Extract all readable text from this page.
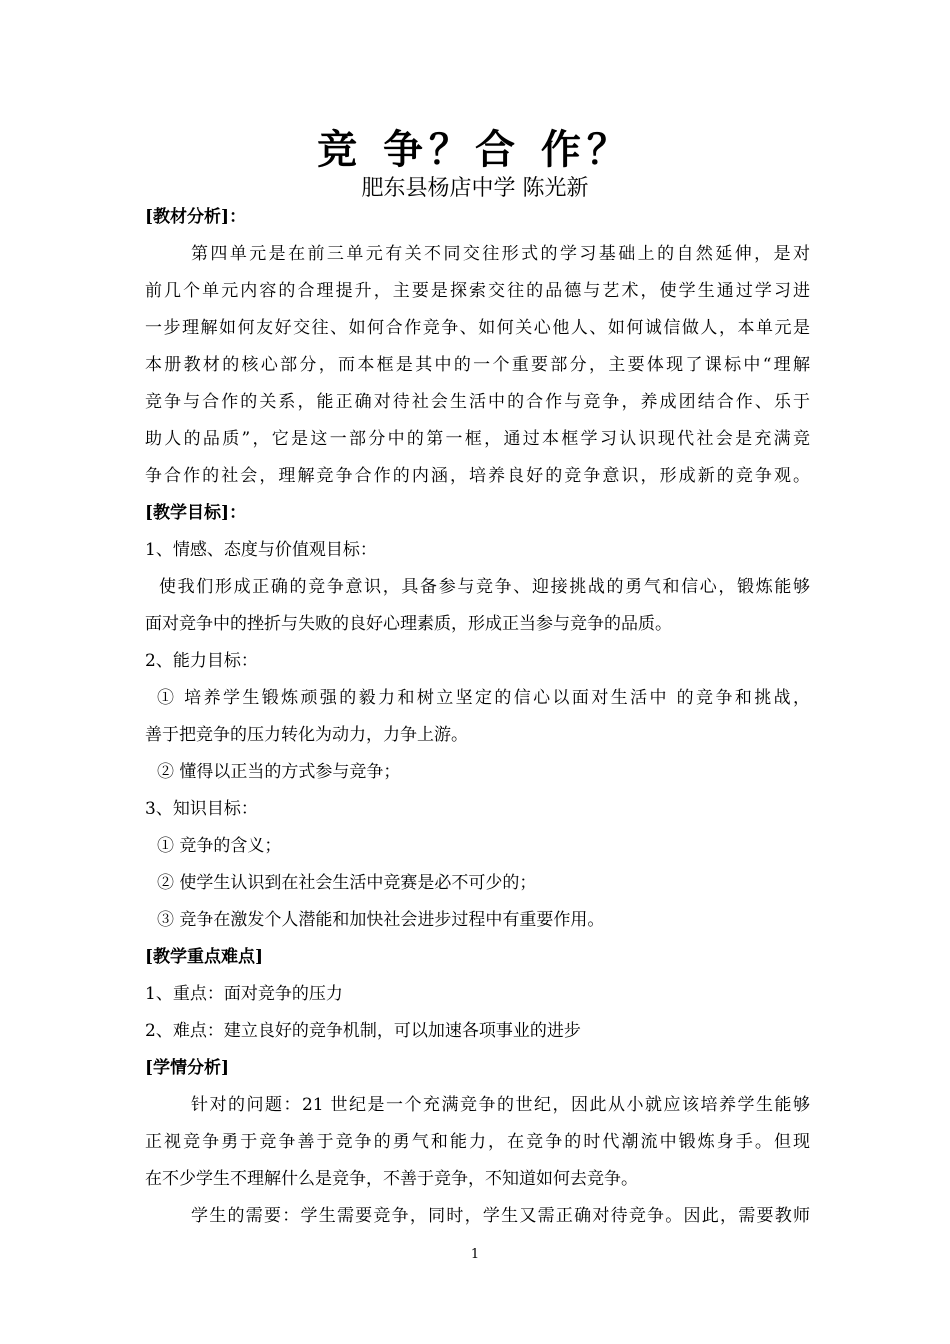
竞 争？合 作？
肥东县杨店中学 陈光新
[教材分析]：
第四单元是在前三单元有关不同交往形式的学习基础上的自然延伸，是对
前几个单元内容的合理提升，主要是探索交往的品德与艺术，使学生通过学习进
一步理解如何友好交往、如何合作竞争、如何关心他人、如何诚信做人，本单元是
本册教材的核心部分，而本框是其中的一个重要部分，主要体现了课标中“理解
竞争与合作的关系，能正确对待社会生活中的合作与竞争，养成团结合作、乐于
助人的品质”，它是这一部分中的第一框，通过本框学习认识现代社会是充满竞
争合作的社会，理解竞争合作的内涵，培养良好的竞争意识，形成新的竞争观。
[教学目标]：
1、情感、态度与价值观目标：
使我们形成正确的竞争意识，具备参与竞争、迎接挑战的勇气和信心，锻炼能够
面对竞争中的挫折与失败的良好心理素质，形成正当参与竞争的品质。
2、能力目标：
① 培养学生锻炼顽强的毅力和树立坚定的信心以面对生活中 的竞争和挑战，
善于把竞争的压力转化为动力，力争上游。
② 懂得以正当的方式参与竞争；
3、知识目标：
① 竞争的含义；
② 使学生认识到在社会生活中竞赛是必不可少的；
③ 竞争在激发个人潜能和加快社会进步过程中有重要作用。
[教学重点难点]
1、重点：面对竞争的压力
2、难点：建立良好的竞争机制，可以加速各项事业的进步
[学情分析]
针对的问题：21 世纪是一个充满竞争的世纪，因此从小就应该培养学生能够
正视竞争勇于竞争善于竞争的勇气和能力，在竞争的时代潮流中锻炼身手。但现
在不少学生不理解什么是竞争，不善于竞争，不知道如何去竞争。
学生的需要：学生需要竞争，同时，学生又需正确对待竞争。因此，需要教师
1
